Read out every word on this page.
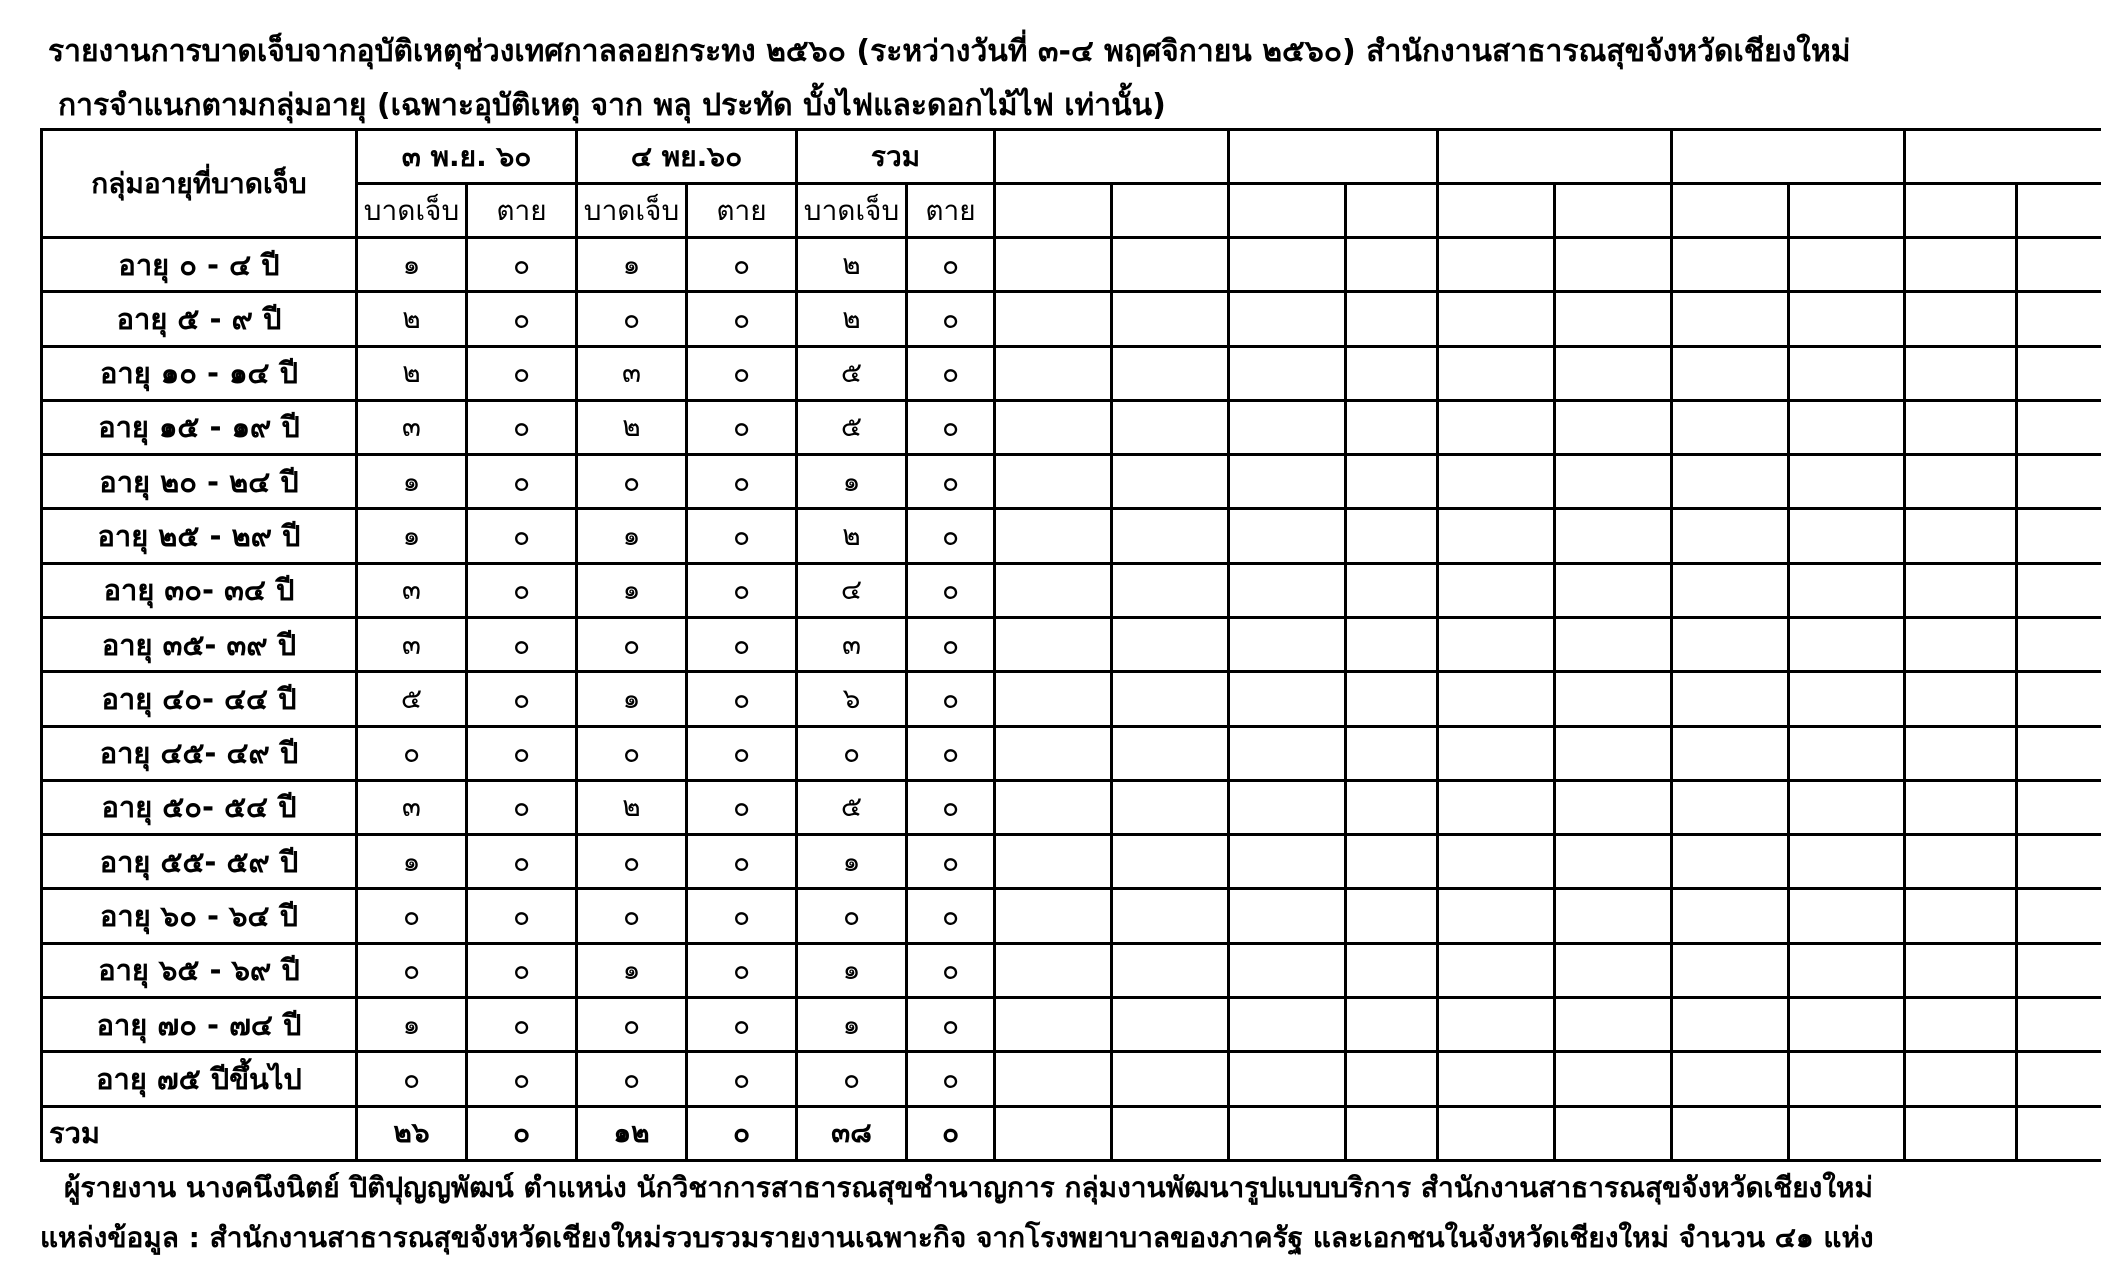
รายงานการบาดเจ็บจากอุบัติเหตุช่วงเทศกาลลอยกระทง ๒๕๖๐ (ระหว่างวันที่ ๓-๔ พฤศจิกายน ๒๕๖๐) สำนักงานสาธารณสุขจังหวัดเชียงใหม่
การจำแนกตามกลุ่มอายุ (เฉพาะอุบัติเหตุ จาก พลุ ประทัด บั้งไฟและดอกไม้ไฟ เท่านั้น)
กลุ่มอายุที่บาดเจ็บ	๓ พ.ย. ๖๐		๔ พย.๖๐		รวม											
	บาดเจ็บ	ตาย	บาดเจ็บ	ตาย	บาดเจ็บ	ตาย										
อายุ ๐ - ๔ ปี	๑	๐	๑	๐	๒	๐										
อายุ ๕ - ๙ ปี	๒	๐	๐	๐	๒	๐										
อายุ ๑๐ - ๑๔ ปี	๒	๐	๓	๐	๕	๐										
อายุ ๑๕ - ๑๙ ปี	๓	๐	๒	๐	๕	๐										
อายุ ๒๐ - ๒๔ ปี	๑	๐	๐	๐	๑	๐										
อายุ ๒๕ - ๒๙ ปี	๑	๐	๑	๐	๒	๐										
อายุ ๓๐- ๓๔ ปี	๓	๐	๑	๐	๔	๐										
อายุ ๓๕- ๓๙ ปี	๓	๐	๐	๐	๓	๐										
อายุ ๔๐- ๔๔ ปี	๕	๐	๑	๐	๖	๐										
อายุ ๔๕- ๔๙ ปี	๐	๐	๐	๐	๐	๐										
อายุ ๕๐- ๕๔ ปี	๓	๐	๒	๐	๕	๐										
อายุ ๕๕- ๕๙ ปี	๑	๐	๐	๐	๑	๐										
อายุ ๖๐ - ๖๔ ปี	๐	๐	๐	๐	๐	๐										
อายุ ๖๕ - ๖๙ ปี	๐	๐	๑	๐	๑	๐										
อายุ ๗๐ - ๗๔ ปี	๑	๐	๐	๐	๑	๐										
อายุ ๗๕ ปีขึ้นไป	๐	๐	๐	๐	๐	๐										
รวม	๒๖	๐	๑๒	๐	๓๘	๐										
ผู้รายงาน นางคนึงนิตย์ ปิติปุญญพัฒน์ ตำแหน่ง นักวิชาการสาธารณสุขชำนาญการ กลุ่มงานพัฒนารูปแบบบริการ สำนักงานสาธารณสุขจังหวัดเชียงใหม่
แหล่งข้อมูล : สำนักงานสาธารณสุขจังหวัดเชียงใหม่รวบรวมรายงานเฉพาะกิจ จากโรงพยาบาลของภาครัฐ และเอกชนในจังหวัดเชียงใหม่ จำนวน ๔๑ แห่ง
